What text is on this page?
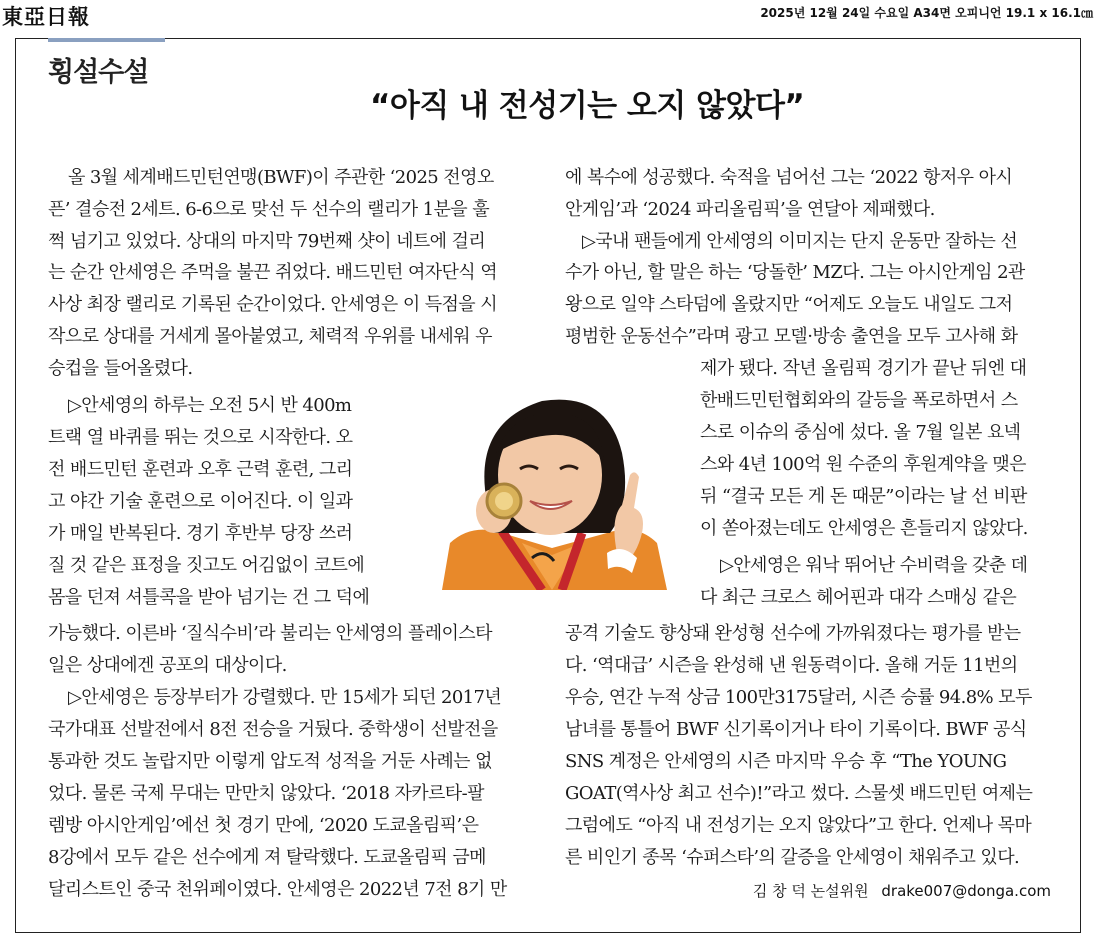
東亞日報	2025년 12월 24일 수요일 A34면 오피니언 19.1 x 16.1㎝
횡설수설
“아직 내 전성기는 오지 않았다”
올 3월 세계배드민턴연맹(BWF)이 주관한 ‘2025 전영오
픈’ 결승전 2세트. 6-6으로 맞선 두 선수의 랠리가 1분을 훌
쩍 넘기고 있었다. 상대의 마지막 79번째 샷이 네트에 걸리
는 순간 안세영은 주먹을 불끈 쥐었다. 배드민턴 여자단식 역
사상 최장 랠리로 기록된 순간이었다. 안세영은 이 득점을 시
작으로 상대를 거세게 몰아붙였고, 체력적 우위를 내세워 우
승컵을 들어올렸다.
▷안세영의 하루는 오전 5시 반 400m
트랙 열 바퀴를 뛰는 것으로 시작한다. 오
전 배드민턴 훈련과 오후 근력 훈련, 그리
고 야간 기술 훈련으로 이어진다. 이 일과
가 매일 반복된다. 경기 후반부 당장 쓰러
질 것 같은 표정을 짓고도 어김없이 코트에
몸을 던져 셔틀콕을 받아 넘기는 건 그 덕에
가능했다. 이른바 ‘질식수비’라 불리는 안세영의 플레이스타
일은 상대에겐 공포의 대상이다.
▷안세영은 등장부터가 강렬했다. 만 15세가 되던 2017년
국가대표 선발전에서 8전 전승을 거뒀다. 중학생이 선발전을
통과한 것도 놀랍지만 이렇게 압도적 성적을 거둔 사례는 없
었다. 물론 국제 무대는 만만치 않았다. ‘2018 자카르타-팔
렘방 아시안게임’에선 첫 경기 만에, ‘2020 도쿄올림픽’은
8강에서 모두 같은 선수에게 져 탈락했다. 도쿄올림픽 금메
달리스트인 중국 천위페이였다. 안세영은 2022년 7전 8기 만
에 복수에 성공했다. 숙적을 넘어선 그는 ‘2022 항저우 아시
안게임’과 ‘2024 파리올림픽’을 연달아 제패했다.
▷국내 팬들에게 안세영의 이미지는 단지 운동만 잘하는 선
수가 아닌, 할 말은 하는 ‘당돌한’ MZ다. 그는 아시안게임 2관
왕으로 일약 스타덤에 올랐지만 “어제도 오늘도 내일도 그저
평범한 운동선수”라며 광고 모델·방송 출연을 모두 고사해 화
제가 됐다. 작년 올림픽 경기가 끝난 뒤엔 대
한배드민턴협회와의 갈등을 폭로하면서 스
스로 이슈의 중심에 섰다. 올 7월 일본 요넥
스와 4년 100억 원 수준의 후원계약을 맺은
뒤 “결국 모든 게 돈 때문”이라는 날 선 비판
이 쏟아졌는데도 안세영은 흔들리지 않았다.
▷안세영은 워낙 뛰어난 수비력을 갖춘 데
다 최근 크로스 헤어핀과 대각 스매싱 같은
공격 기술도 향상돼 완성형 선수에 가까워졌다는 평가를 받는
다. ‘역대급’ 시즌을 완성해 낸 원동력이다. 올해 거둔 11번의
우승, 연간 누적 상금 100만3175달러, 시즌 승률 94.8% 모두
남녀를 통틀어 BWF 신기록이거나 타이 기록이다. BWF 공식
SNS 계정은 안세영의 시즌 마지막 우승 후 “The YOUNG
GOAT(역사상 최고 선수)!”라고 썼다. 스물셋 배드민턴 여제는
그럼에도 “아직 내 전성기는 오지 않았다”고 한다. 언제나 목마
른 비인기 종목 ‘슈퍼스타’의 갈증을 안세영이 채워주고 있다.
김 창 덕 논설위원 drake007@donga.com
